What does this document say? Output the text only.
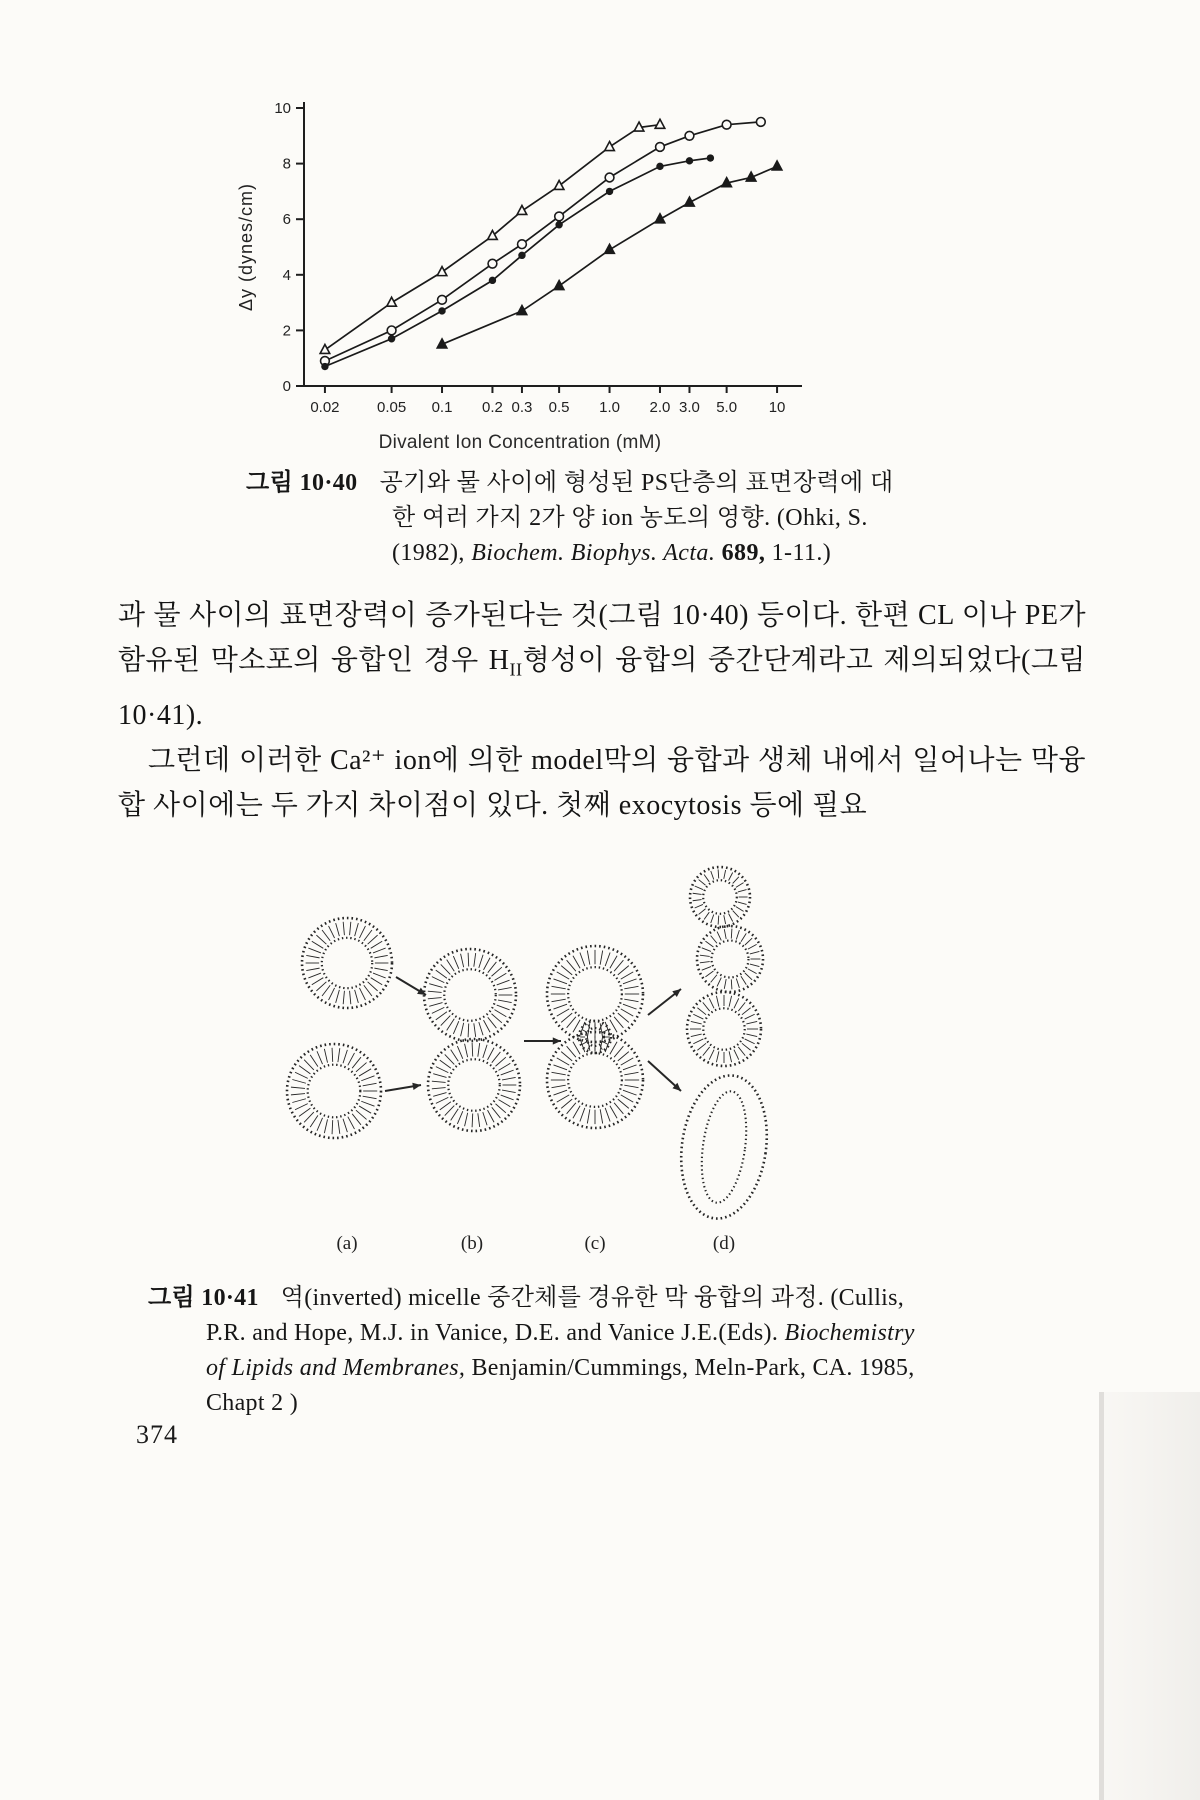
0
2
4
6
8
10
0.02 0.05 0.1 0.2 0.3 0.5 1.0 2.0 3.0 5.0 10
Δy (dynes/cm)
Divalent Ion Concentration (mM)

그림 10·40 공기와 물 사이에 형성된 PS단층의 표면장력에 대한 여러 가지 2가 양 ion 농도의 영향. (Ohki, S.(1982), Biochem. Biophys. Acta. 689, 1-11.)

과 물 사이의 표면장력이 증가된다는 것(그림 10·40) 등이다. 한편 CL 이나 PE가 함유된 막소포의 융합인 경우 $H_{II}$형성이 융합의 중간단계라고 제의되었다(그림 10·41).

그런데 이러한 Ca²⁺ ion에 의한 model막의 융합과 생체 내에서 일어나는 막융합 사이에는 두 가지 차이점이 있다. 첫째 exocytosis 등에 필요

(a)	(b)	(c)	(d)

그림 10·41 역(inverted) micelle 중간체를 경유한 막 융합의 과정. (Cullis, P.R. and Hope, M.J. in Vanice, D.E. and Vanice J.E.(Eds). Biochemistry of Lipids and Membranes, Benjamin/Cummings, Meln-Park, CA. 1985, Chapt 2 )

374
